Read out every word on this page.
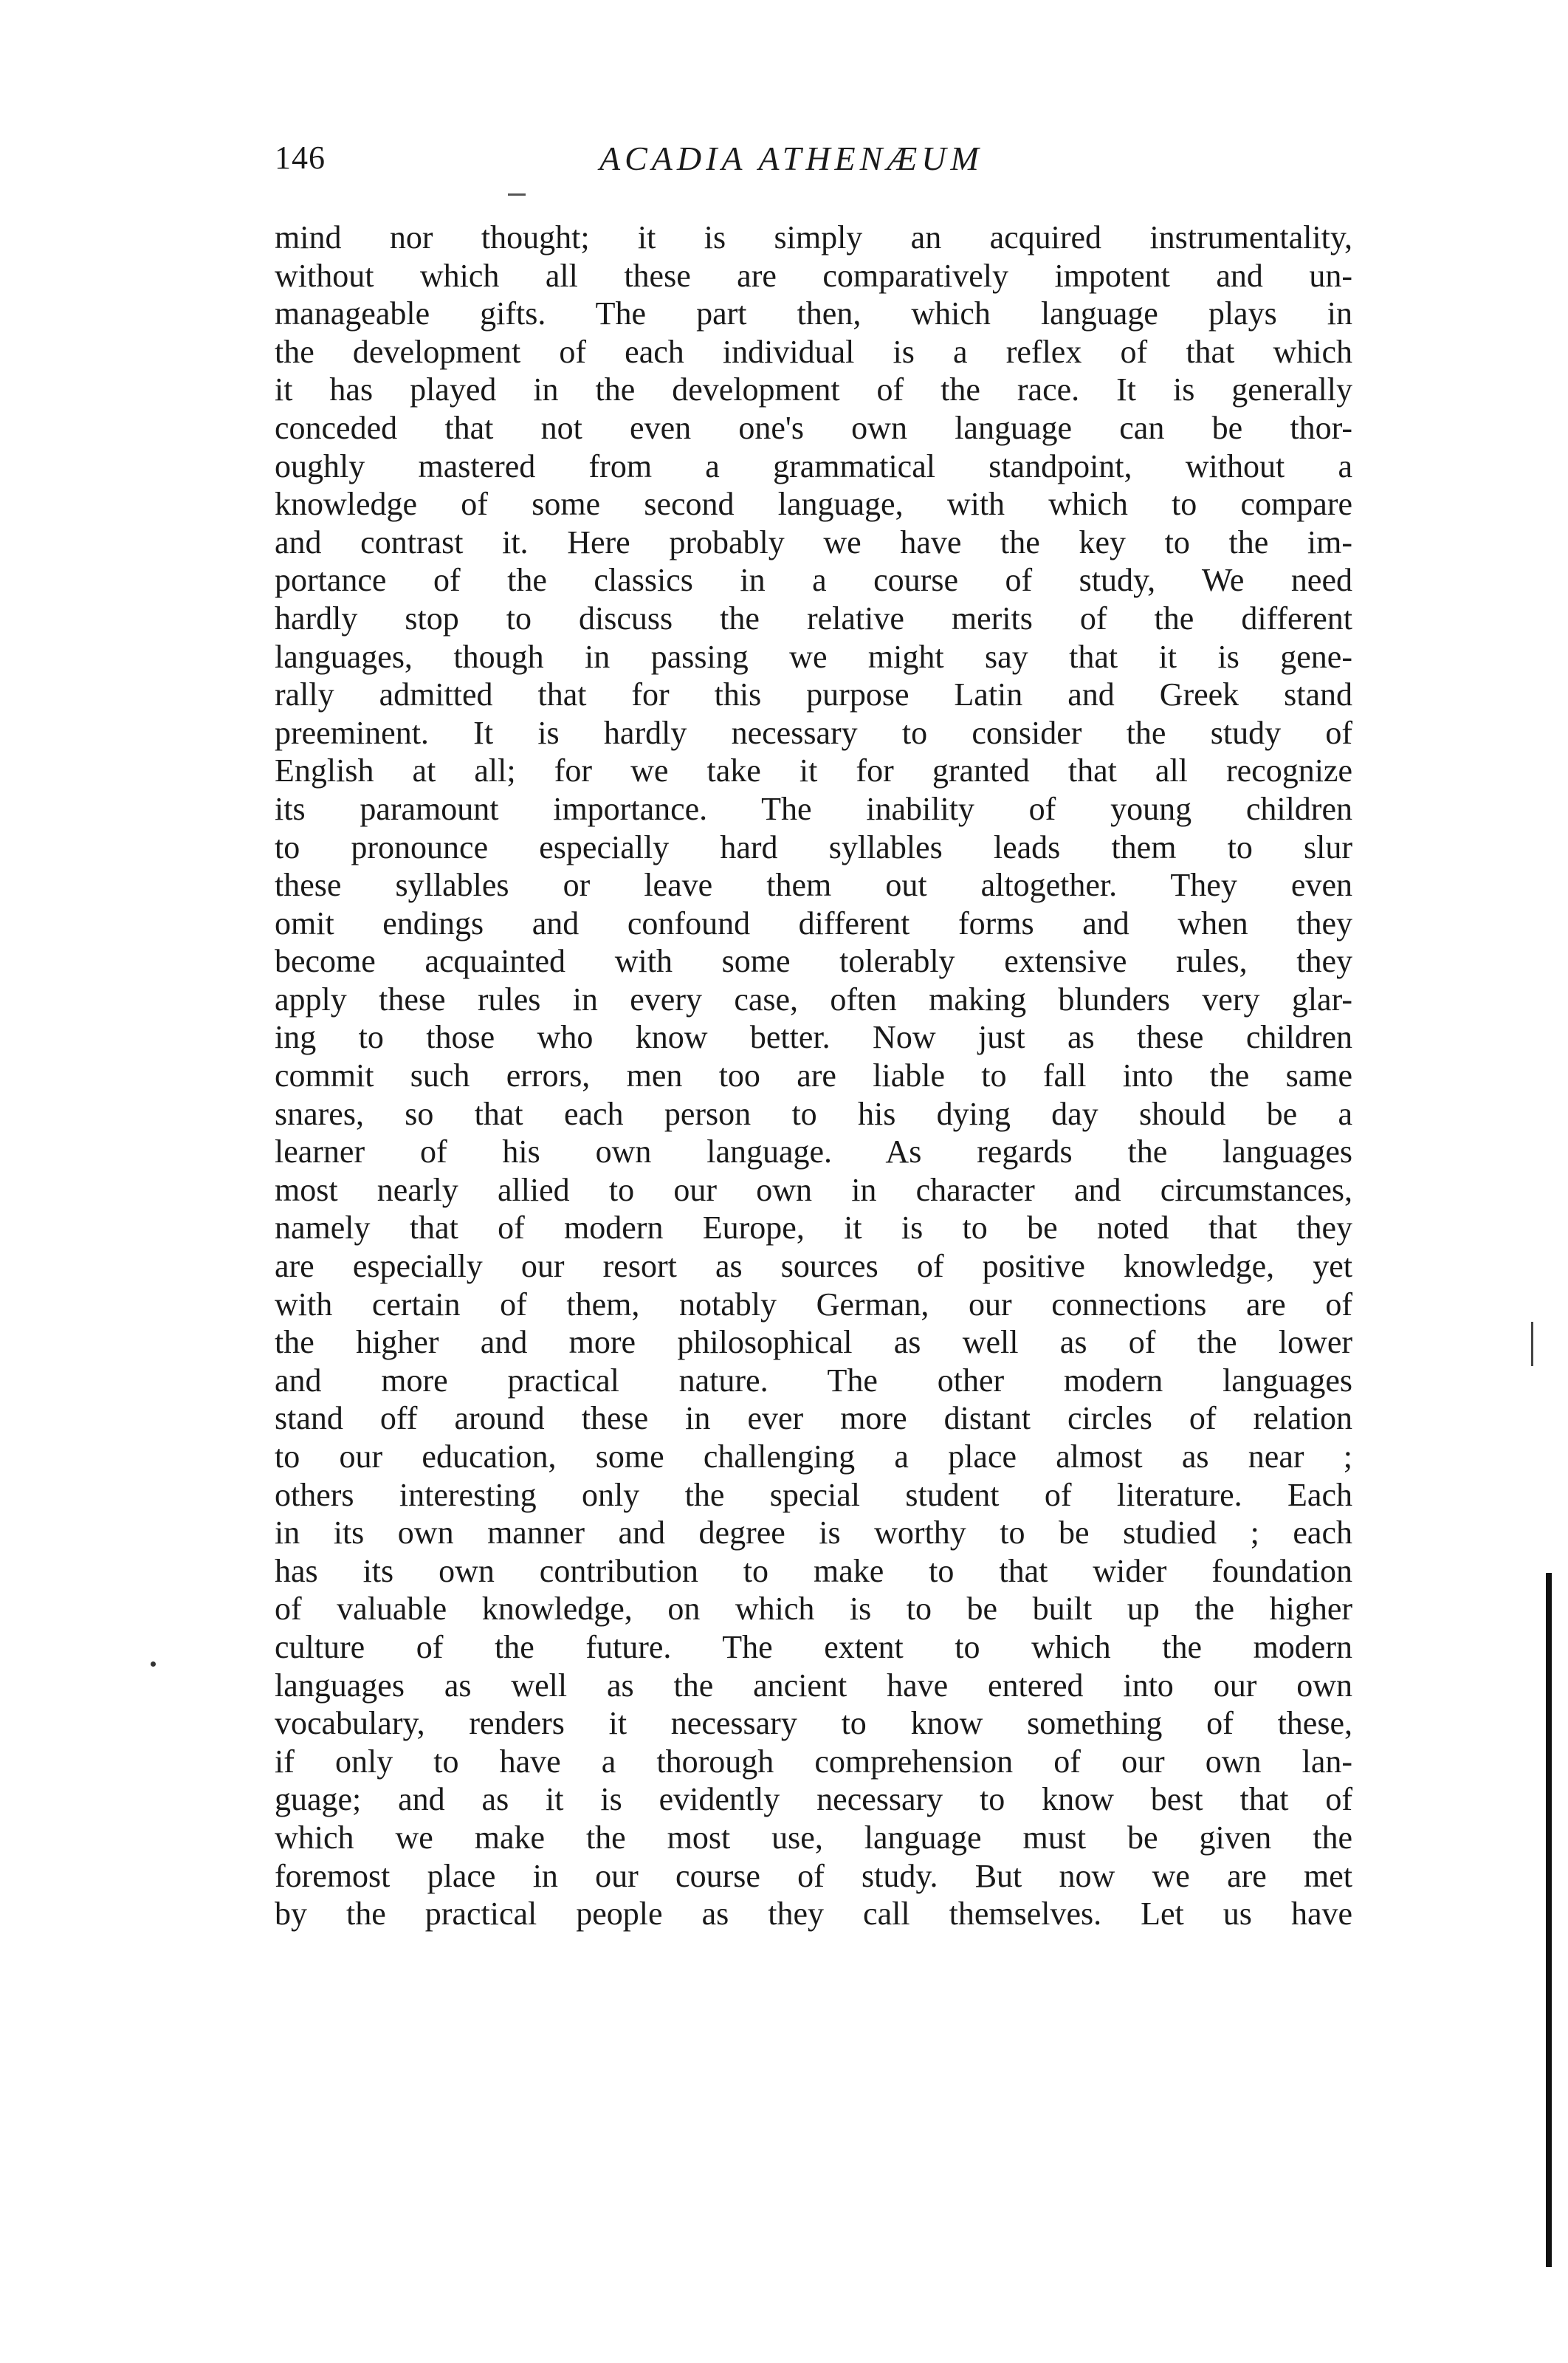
146	ACADIA ATHENÆUM
mind nor thought; it is simply an acquired instrumentality,
without which all these are comparatively impotent and un-
manageable gifts. The part then, which language plays in
the development of each individual is a reflex of that which
it has played in the development of the race. It is generally
conceded that not even one's own language can be thor-
oughly mastered from a grammatical standpoint, without a
knowledge of some second language, with which to compare
and contrast it. Here probably we have the key to the im-
portance of the classics in a course of study, We need
hardly stop to discuss the relative merits of the different
languages, though in passing we might say that it is gene-
rally admitted that for this purpose Latin and Greek stand
preeminent. It is hardly necessary to consider the study of
English at all; for we take it for granted that all recognize
its paramount importance. The inability of young children
to pronounce especially hard syllables leads them to slur
these syllables or leave them out altogether. They even
omit endings and confound different forms and when they
become acquainted with some tolerably extensive rules, they
apply these rules in every case, often making blunders very glar-
ing to those who know better. Now just as these children
commit such errors, men too are liable to fall into the same
snares, so that each person to his dying day should be a
learner of his own language. As regards the languages
most nearly allied to our own in character and circumstances,
namely that of modern Europe, it is to be noted that they
are especially our resort as sources of positive knowledge, yet
with certain of them, notably German, our connections are of
the higher and more philosophical as well as of the lower
and more practical nature. The other modern languages
stand off around these in ever more distant circles of relation
to our education, some challenging a place almost as near ;
others interesting only the special student of literature. Each
in its own manner and degree is worthy to be studied ; each
has its own contribution to make to that wider foundation
of valuable knowledge, on which is to be built up the higher
culture of the future. The extent to which the modern
languages as well as the ancient have entered into our own
vocabulary, renders it necessary to know something of these,
if only to have a thorough comprehension of our own lan-
guage; and as it is evidently necessary to know best that of
which we make the most use, language must be given the
foremost place in our course of study. But now we are met
by the practical people as they call themselves. Let us have
